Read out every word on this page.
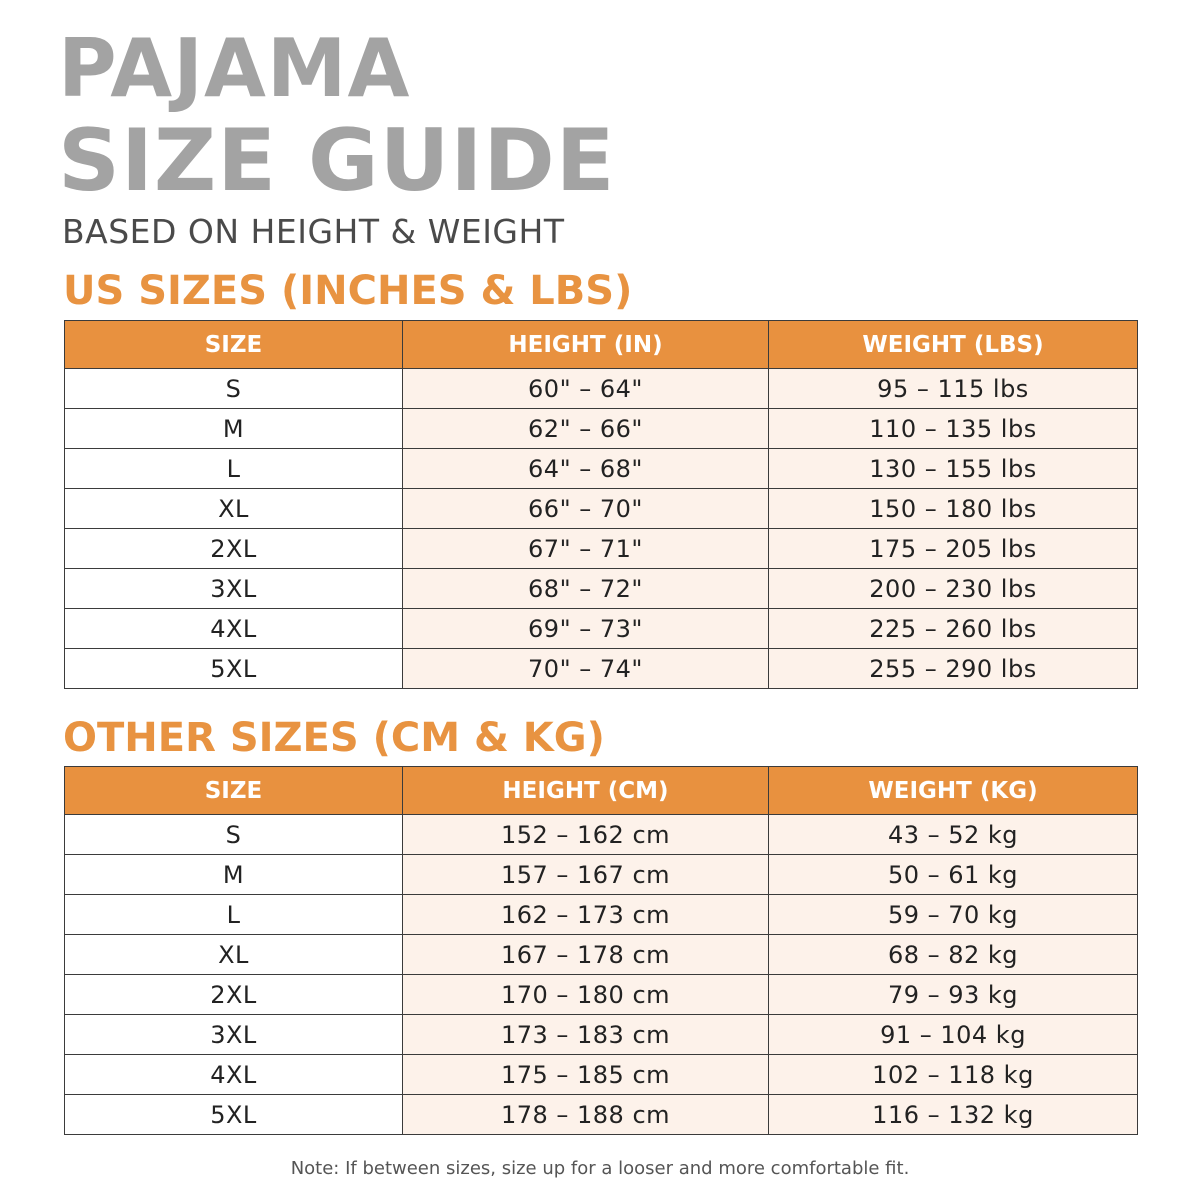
PAJAMA
SIZE GUIDE

BASED ON HEIGHT & WEIGHT

US SIZES (INCHES & LBS)
SIZE	HEIGHT (IN)	WEIGHT (LBS)
S	60" – 64"	95 – 115 lbs
M	62" – 66"	110 – 135 lbs
L	64" – 68"	130 – 155 lbs
XL	66" – 70"	150 – 180 lbs
2XL	67" – 71"	175 – 205 lbs
3XL	68" – 72"	200 – 230 lbs
4XL	69" – 73"	225 – 260 lbs
5XL	70" – 74"	255 – 290 lbs
OTHER SIZES (CM & KG)
SIZE	HEIGHT (CM)	WEIGHT (KG)
S	152 – 162 cm	43 – 52 kg
M	157 – 167 cm	50 – 61 kg
L	162 – 173 cm	59 – 70 kg
XL	167 – 178 cm	68 – 82 kg
2XL	170 – 180 cm	79 – 93 kg
3XL	173 – 183 cm	91 – 104 kg
4XL	175 – 185 cm	102 – 118 kg
5XL	178 – 188 cm	116 – 132 kg

Note: If between sizes, size up for a looser and more comfortable fit.
